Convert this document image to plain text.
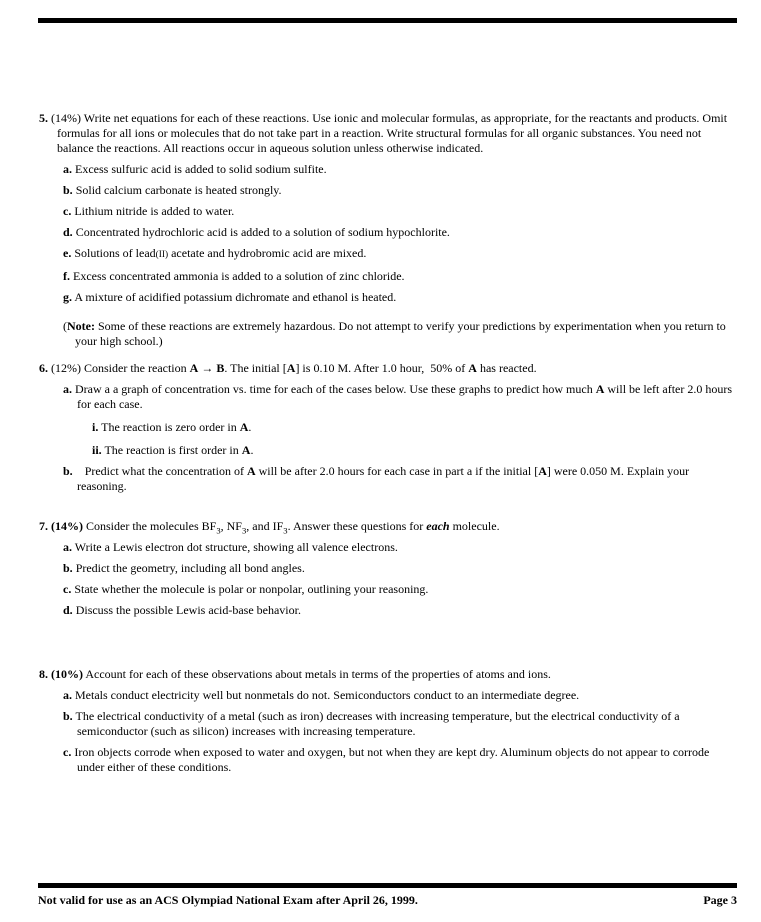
5. (14%) Write net equations for each of these reactions. Use ionic and molecular formulas, as appropriate, for the reactants and products. Omit formulas for all ions or molecules that do not take part in a reaction. Write structural formulas for all organic substances. You need not balance the reactions. All reactions occur in aqueous solution unless otherwise indicated.

a. Excess sulfuric acid is added to solid sodium sulfite.

b. Solid calcium carbonate is heated strongly.

c. Lithium nitride is added to water.

d. Concentrated hydrochloric acid is added to a solution of sodium hypochlorite.

e. Solutions of lead(II) acetate and hydrobromic acid are mixed.

f. Excess concentrated ammonia is added to a solution of zinc chloride.

g. A mixture of acidified potassium dichromate and ethanol is heated.

(Note: Some of these reactions are extremely hazardous. Do not attempt to verify your predictions by experimentation when you return to your high school.)

6. (12%) Consider the reaction A → B. The initial [A] is 0.10 M. After 1.0 hour,  50% of A has reacted.

a. Draw a a graph of concentration vs. time for each of the cases below. Use these graphs to predict how much A will be left after 2.0 hours for each case.

i. The reaction is zero order in A.

ii. The reaction is first order in A.

b. Predict what the concentration of A will be after 2.0 hours for each case in part a if the initial [A] were 0.050 M. Explain your reasoning.

7. (14%) Consider the molecules $BF_3$, $NF_3$, and $IF_3$. Answer these questions for each molecule.

a. Write a Lewis electron dot structure, showing all valence electrons.

b. Predict the geometry, including all bond angles.

c. State whether the molecule is polar or nonpolar, outlining your reasoning.

d. Discuss the possible Lewis acid-base behavior.

8. (10%) Account for each of these observations about metals in terms of the properties of atoms and ions.

a. Metals conduct electricity well but nonmetals do not. Semiconductors conduct to an intermediate degree.

b. The electrical conductivity of a metal (such as iron) decreases with increasing temperature, but the electrical conductivity of a semiconductor (such as silicon) increases with increasing temperature.

c. Iron objects corrode when exposed to water and oxygen, but not when they are kept dry. Aluminum objects do not appear to corrode under either of these conditions.

Not valid for use as an ACS Olympiad National Exam after April 26, 1999.	Page 3
